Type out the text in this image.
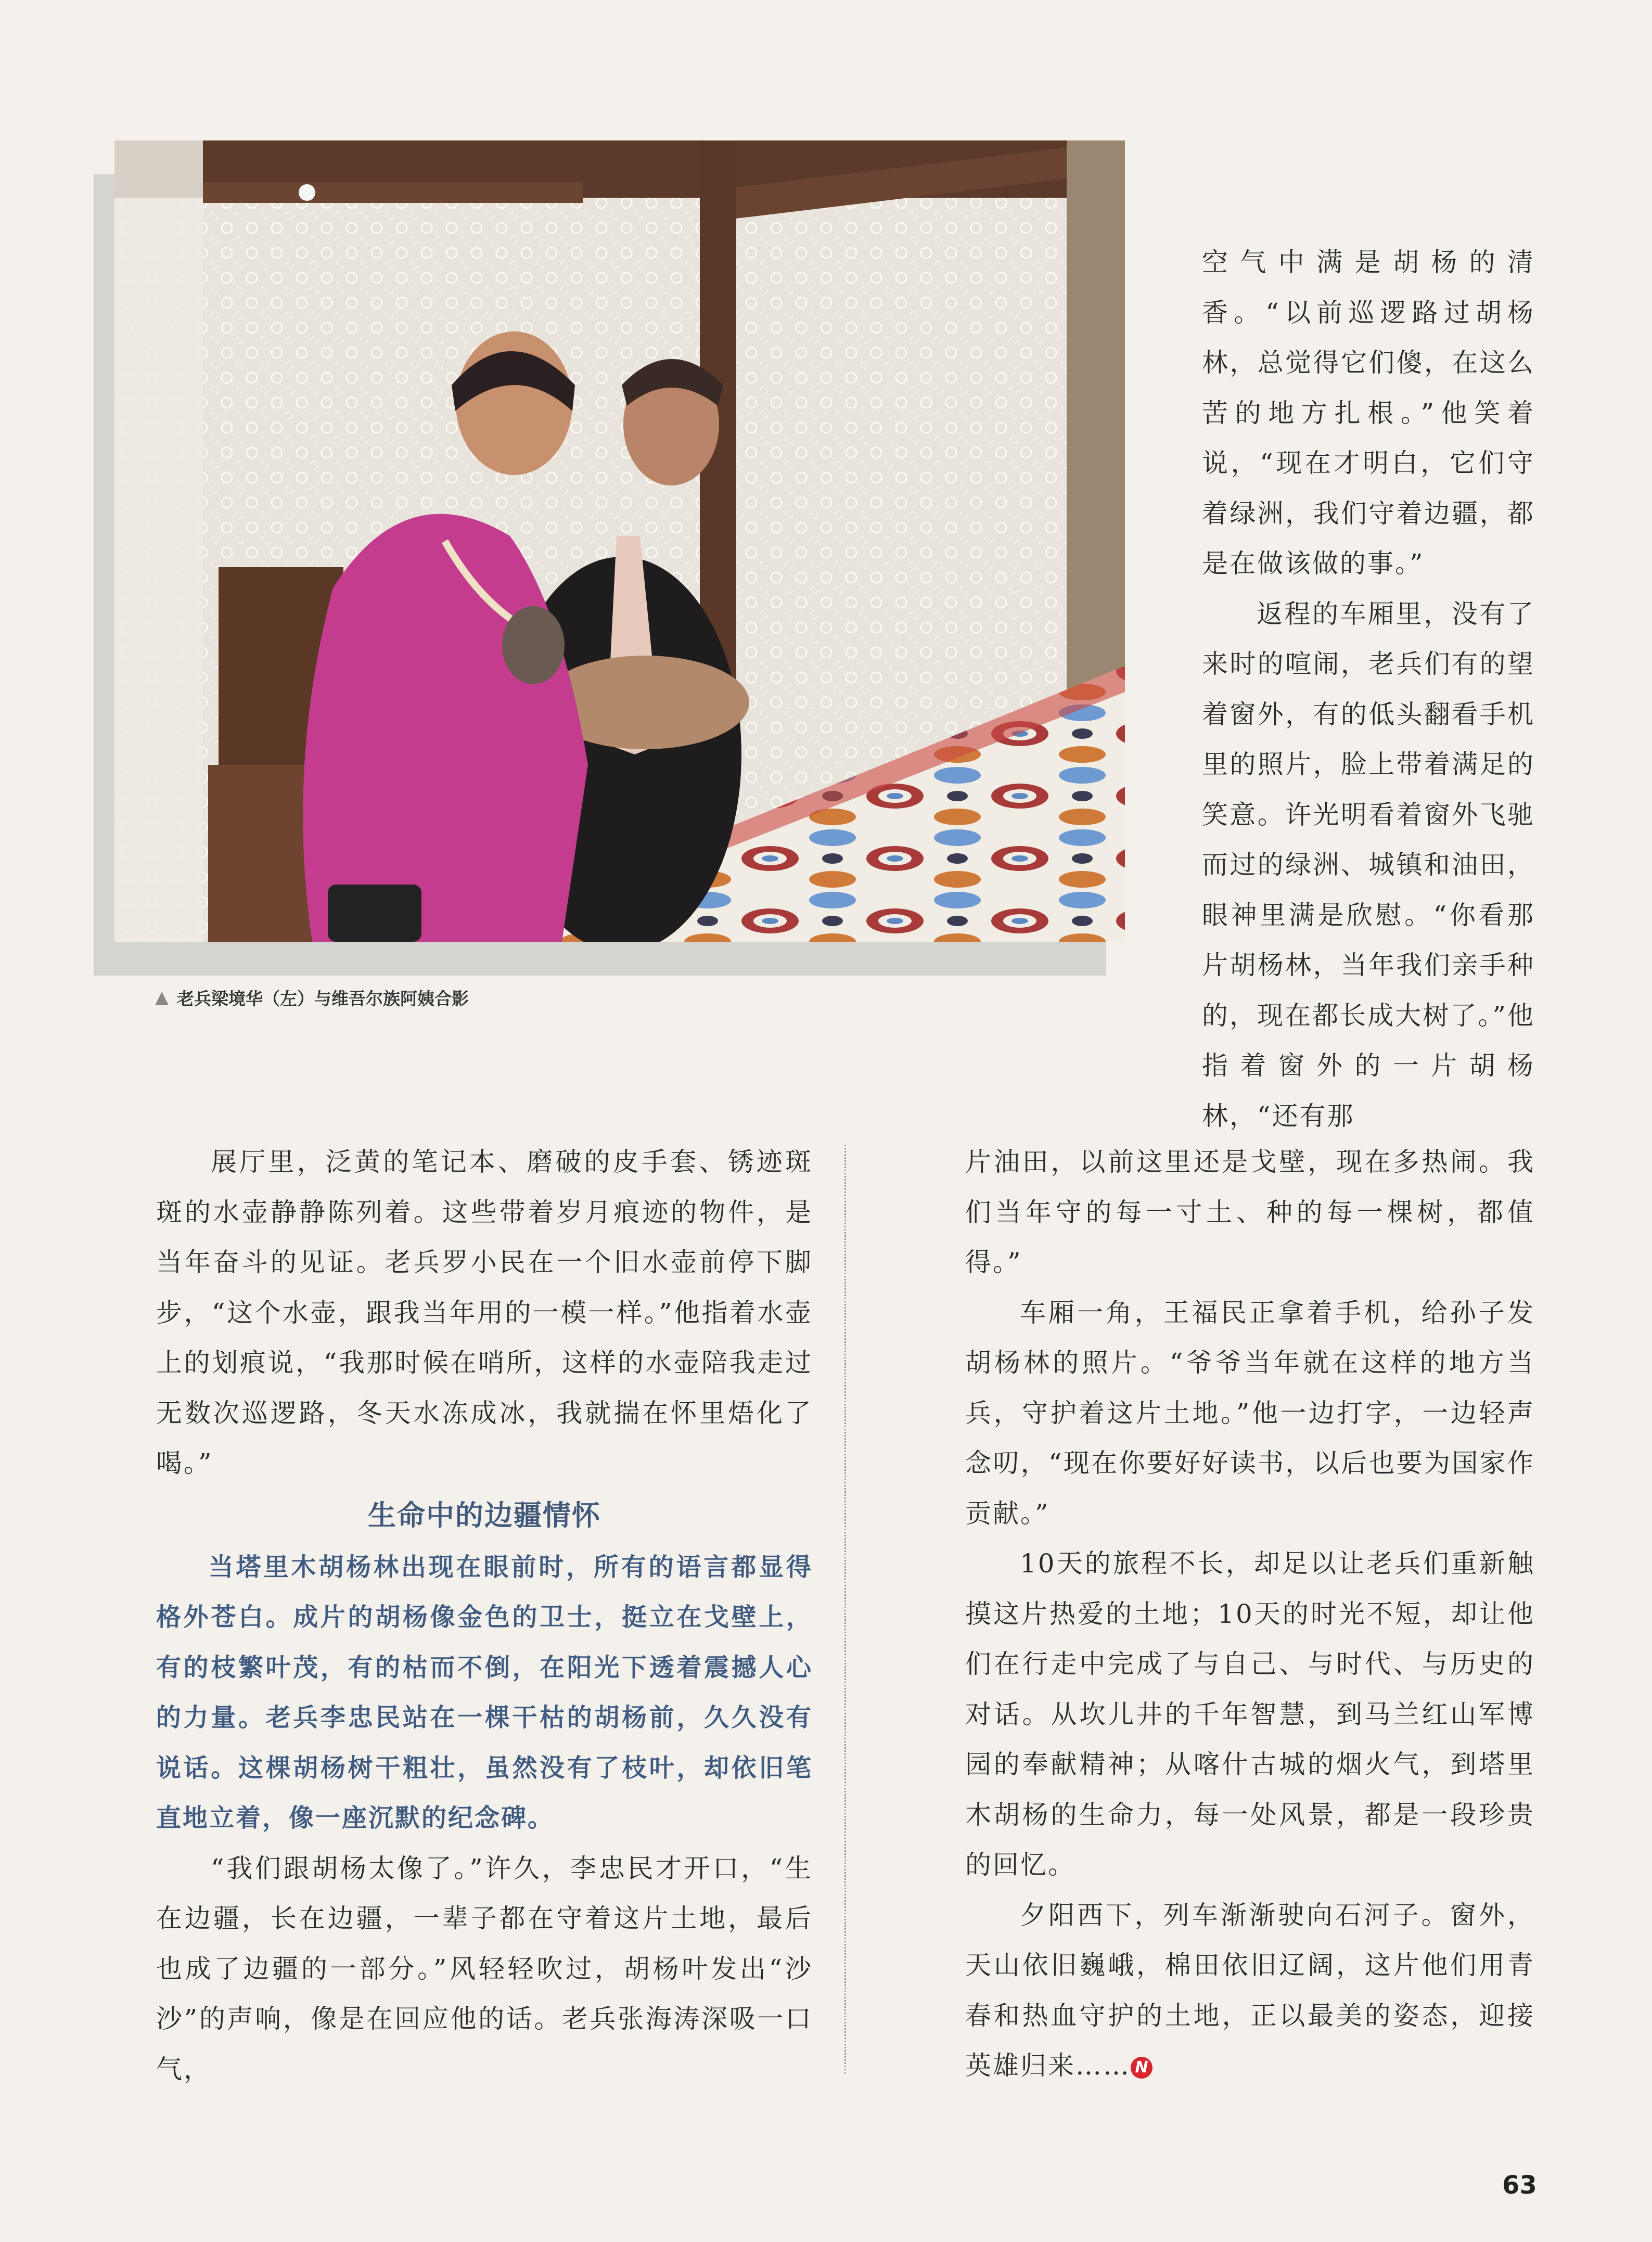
老兵梁境华（左）与维吾尔族阿姨合影

空气中满是胡杨的清香。“以前巡逻路过胡杨林，总觉得它们傻，在这么苦的地方扎根。”他笑着说，“现在才明白，它们守着绿洲，我们守着边疆，都是在做该做的事。”

返程的车厢里，没有了来时的喧闹，老兵们有的望着窗外，有的低头翻看手机里的照片，脸上带着满足的笑意。许光明看着窗外飞驰而过的绿洲、城镇和油田，眼神里满是欣慰。“你看那片胡杨林，当年我们亲手种的，现在都长成大树了。”他指着窗外的一片胡杨林，“还有那

展厅里，泛黄的笔记本、磨破的皮手套、锈迹斑斑的水壶静静陈列着。这些带着岁月痕迹的物件，是当年奋斗的见证。老兵罗小民在一个旧水壶前停下脚步，“这个水壶，跟我当年用的一模一样。”他指着水壶上的划痕说，“我那时候在哨所，这样的水壶陪我走过无数次巡逻路，冬天水冻成冰，我就揣在怀里焐化了喝。”

生命中的边疆情怀

当塔里木胡杨林出现在眼前时，所有的语言都显得格外苍白。成片的胡杨像金色的卫士，挺立在戈壁上，有的枝繁叶茂，有的枯而不倒，在阳光下透着震撼人心的力量。老兵李忠民站在一棵干枯的胡杨前，久久没有说话。这棵胡杨树干粗壮，虽然没有了枝叶，却依旧笔直地立着，像一座沉默的纪念碑。

“我们跟胡杨太像了。”许久，李忠民才开口，“生在边疆，长在边疆，一辈子都在守着这片土地，最后也成了边疆的一部分。”风轻轻吹过，胡杨叶发出“沙沙”的声响，像是在回应他的话。老兵张海涛深吸一口气，

片油田，以前这里还是戈壁，现在多热闹。我们当年守的每一寸土、种的每一棵树，都值得。”

车厢一角，王福民正拿着手机，给孙子发胡杨林的照片。“爷爷当年就在这样的地方当兵，守护着这片土地。”他一边打字，一边轻声念叨，“现在你要好好读书，以后也要为国家作贡献。”

10天的旅程不长，却足以让老兵们重新触摸这片热爱的土地；10天的时光不短，却让他们在行走中完成了与自己、与时代、与历史的对话。从坎儿井的千年智慧，到马兰红山军博园的奉献精神；从喀什古城的烟火气，到塔里木胡杨的生命力，每一处风景，都是一段珍贵的回忆。

夕阳西下，列车渐渐驶向石河子。窗外，天山依旧巍峨，棉田依旧辽阔，这片他们用青春和热血守护的土地，正以最美的姿态，迎接英雄归来…… N

63
